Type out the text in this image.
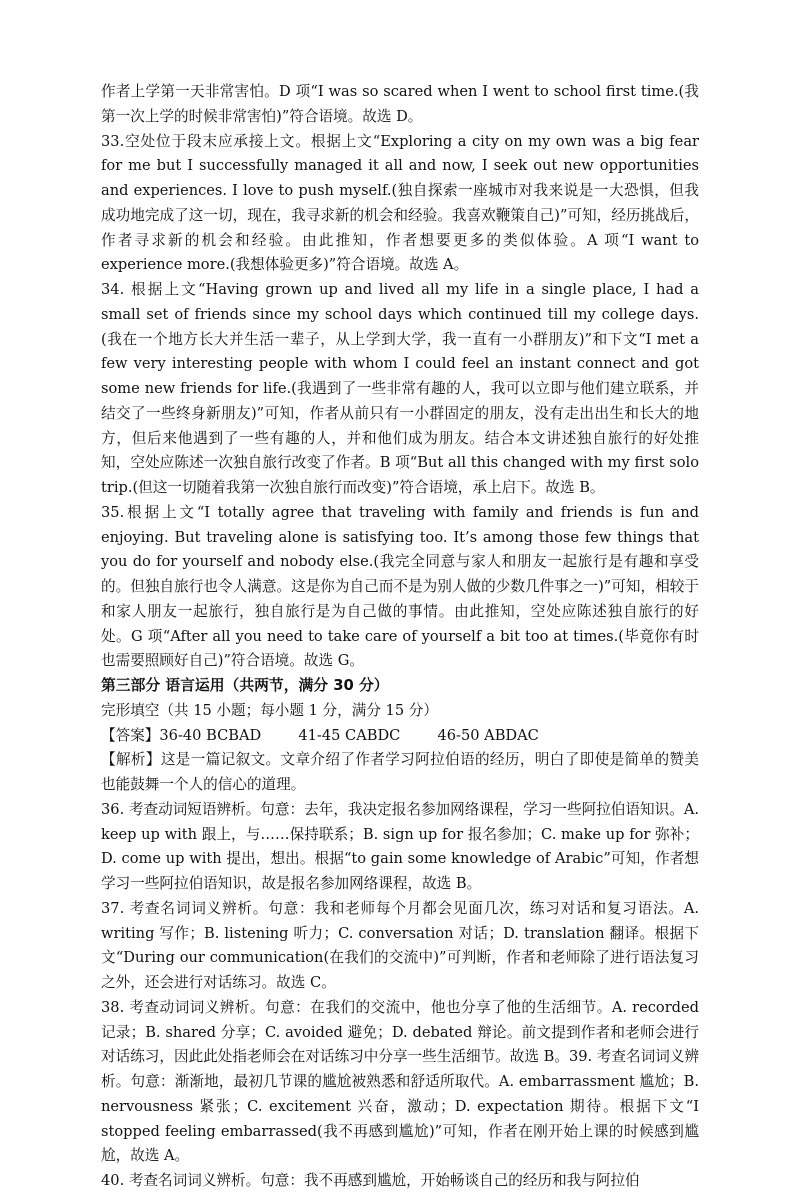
作者上学第一天非常害怕。D 项“I was so scared when I went to school first time.(我第一次上学的时候非常害怕)”符合语境。故选 D。

33.空处位于段末应承接上文。根据上文“Exploring a city on my own was a big fear for me but I successfully managed it all and now, I seek out new opportunities and experiences. I love to push myself.(独自探索一座城市对我来说是一大恐惧，但我成功地完成了这一切，现在，我寻求新的机会和经验。我喜欢鞭策自己)”可知，经历挑战后，作者寻求新的机会和经验。由此推知，作者想要更多的类似体验。A 项“I want to experience more.(我想体验更多)”符合语境。故选 A。

34. 根据上文“Having grown up and lived all my life in a single place, I had a small set of friends since my school days which continued till my college days.(我在一个地方长大并生活一辈子，从上学到大学，我一直有一小群朋友)”和下文“I met a few very interesting people with whom I could feel an instant connect and got some new friends for life.(我遇到了一些非常有趣的人，我可以立即与他们建立联系，并结交了一些终身新朋友)”可知，作者从前只有一小群固定的朋友，没有走出出生和长大的地方，但后来他遇到了一些有趣的人，并和他们成为朋友。结合本文讲述独自旅行的好处推知，空处应陈述一次独自旅行改变了作者。B 项“But all this changed with my first solo trip.(但这一切随着我第一次独自旅行而改变)”符合语境，承上启下。故选 B。

35.根据上文“I totally agree that traveling with family and friends is fun and enjoying. But traveling alone is satisfying too. It’s among those few things that you do for yourself and nobody else.(我完全同意与家人和朋友一起旅行是有趣和享受的。但独自旅行也令人满意。这是你为自己而不是为别人做的少数几件事之一)”可知，相较于和家人朋友一起旅行，独自旅行是为自己做的事情。由此推知，空处应陈述独自旅行的好处。G 项“After all you need to take care of yourself a bit too at times.(毕竟你有时也需要照顾好自己)”符合语境。故选 G。

第三部分 语言运用（共两节，满分 30 分）

完形填空（共 15 小题；每小题 1 分，满分 15 分）

【答案】36-40 BCBAD        41-45 CABDC        46-50 ABDAC

【解析】这是一篇记叙文。文章介绍了作者学习阿拉伯语的经历，明白了即使是简单的赞美也能鼓舞一个人的信心的道理。

36. 考查动词短语辨析。句意：去年，我决定报名参加网络课程，学习一些阿拉伯语知识。A. keep up with 跟上，与……保持联系；B. sign up for 报名参加；C. make up for 弥补；D. come up with 提出，想出。根据“to gain some knowledge of Arabic”可知，作者想学习一些阿拉伯语知识，故是报名参加网络课程，故选 B。

37. 考查名词词义辨析。句意：我和老师每个月都会见面几次，练习对话和复习语法。A. writing 写作；B. listening 听力；C. conversation 对话；D. translation 翻译。根据下文“During our communication(在我们的交流中)”可判断，作者和老师除了进行语法复习之外，还会进行对话练习。故选 C。

38. 考查动词词义辨析。句意：在我们的交流中，他也分享了他的生活细节。A. recorded 记录；B. shared 分享；C. avoided 避免；D. debated 辩论。前文提到作者和老师会进行对话练习，因此此处指老师会在对话练习中分享一些生活细节。故选 B。39. 考查名词词义辨析。句意：渐渐地，最初几节课的尴尬被熟悉和舒适所取代。A. embarrassment 尴尬；B. nervousness 紧张；C. excitement 兴奋，激动；D. expectation 期待。根据下文“I stopped feeling embarrassed(我不再感到尴尬)”可知，作者在刚开始上课的时候感到尴尬，故选 A。

40. 考查名词词义辨析。句意：我不再感到尴尬，开始畅谈自己的经历和我与阿拉伯
